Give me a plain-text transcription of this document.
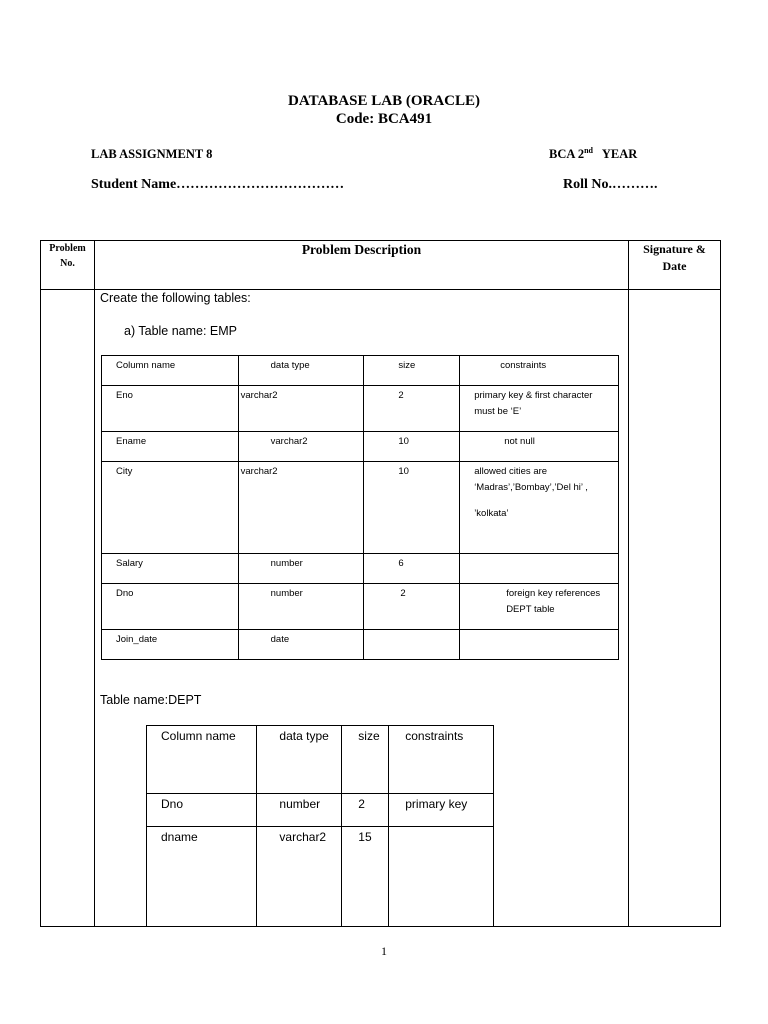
DATABASE LAB (ORACLE)
Code: BCA491
LAB ASSIGNMENT 8	BCA 2nd YEAR
Student Name………………………………	Roll No.……….
Problem
No.
Problem Description	Signature &
Date
Create the following tables:
a) Table name: EMP
Column name	data type	size	constraints
Eno	varchar2	2	primary key & first character must be ‘E’
Ename	varchar2	10	not null
City	varchar2	10	allowed cities are ‘Madras’,’Bombay’,’Del hi’ ,
’kolkata’

Salary	number	6	
Dno	number	2	foreign key references DEPT table
Join_date	date		
Table name:DEPT
Column name	data type	size	constraints
Dno	number	2	primary key
dname	varchar2	15	
1
